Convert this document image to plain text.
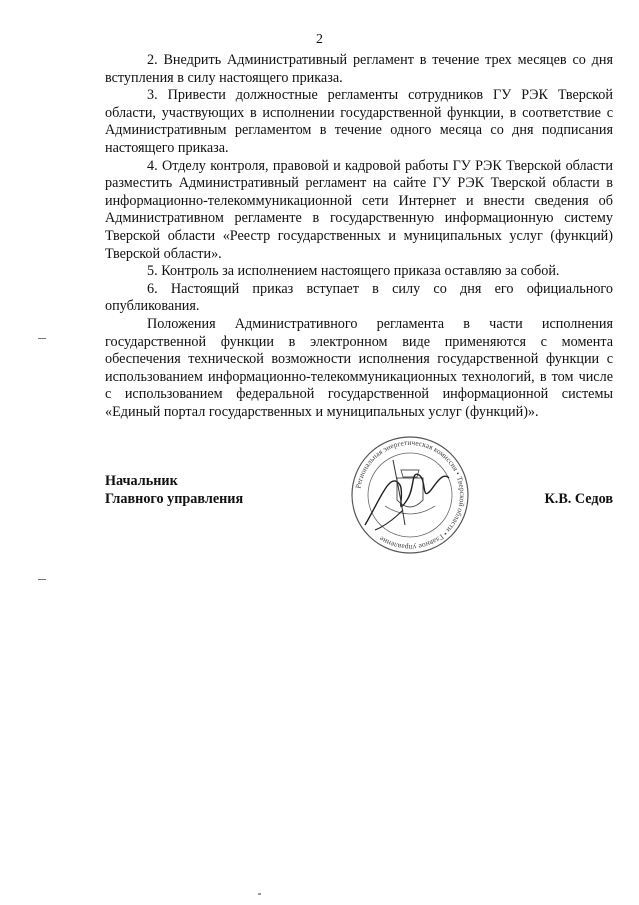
2

2. Внедрить Административный регламент в течение трех месяцев со дня вступления в силу настоящего приказа.

3. Привести должностные регламенты сотрудников ГУ РЭК Тверской области, участвующих в исполнении государственной функции, в соответствие с Административным регламентом в течение одного месяца со дня подписания настоящего приказа.

4. Отделу контроля, правовой и кадровой работы ГУ РЭК Тверской области разместить Административный регламент на сайте ГУ РЭК Тверской области в информационно-телекоммуникационной сети Интернет и внести сведения об Административном регламенте в государственную информационную систему Тверской области «Реестр государственных и муниципальных услуг (функций) Тверской области».

5. Контроль за исполнением настоящего приказа оставляю за собой.

6. Настоящий приказ вступает в силу со дня его официального опубликования.

Положения Административного регламента в части исполнения государственной функции в электронном виде применяются с момента обеспечения технической возможности исполнения государственной функции с использованием информационно-телекоммуникационных технологий, в том числе с использованием федеральной государственной информационной системы «Единый портал государственных и муниципальных услуг (функций)».

Начальник
Главного управления	К.В. Седов
Региональная энергетическая комиссия • Тверской области • Главное управление
